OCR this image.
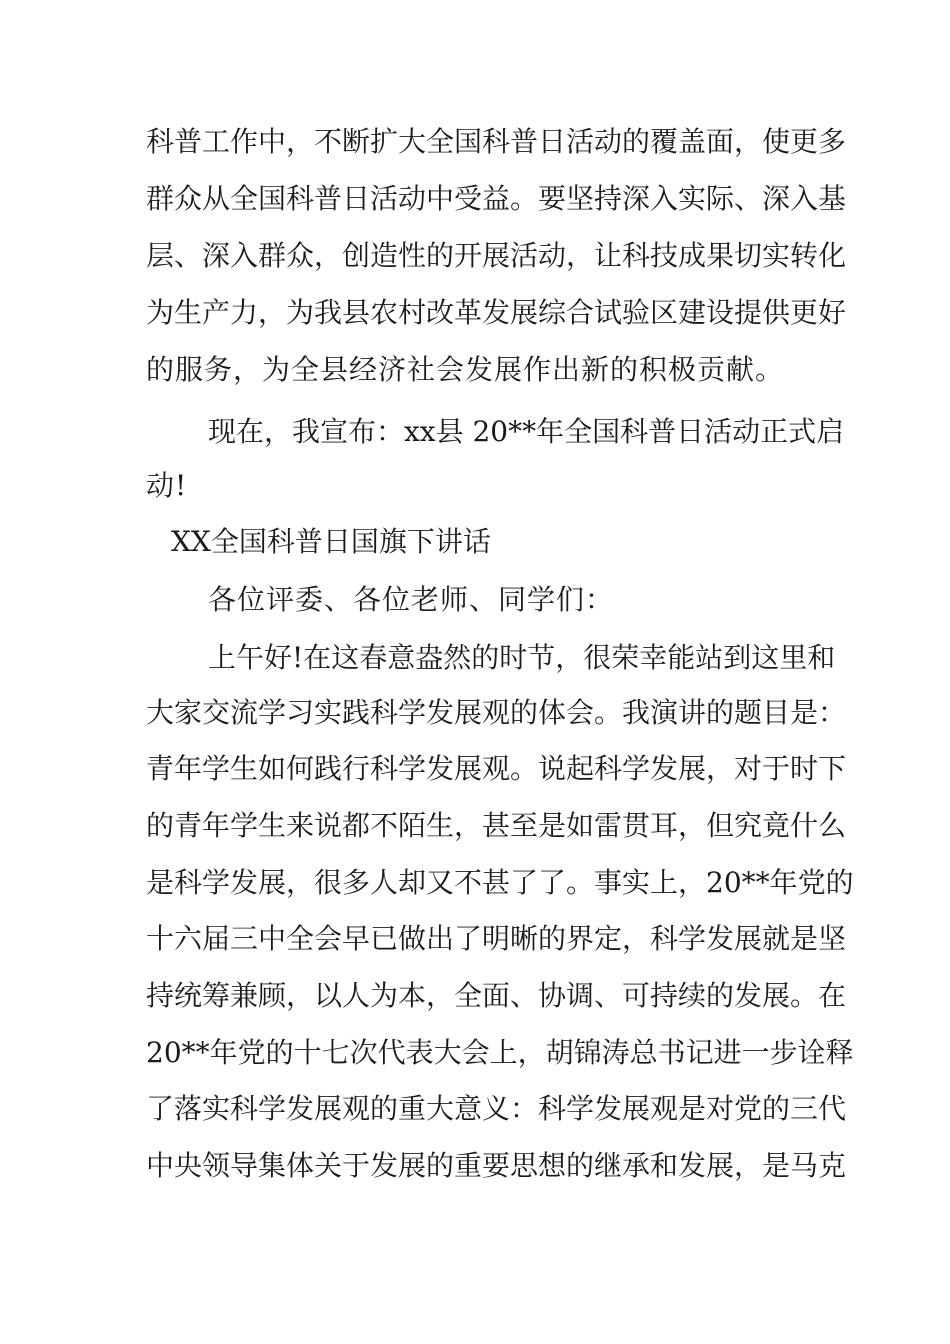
科普工作中，不断扩大全国科普日活动的覆盖面，使更多
群众从全国科普日活动中受益。要坚持深入实际、深入基
层、深入群众，创造性的开展活动，让科技成果切实转化
为生产力，为我县农村改革发展综合试验区建设提供更好
的服务，为全县经济社会发展作出新的积极贡献。
现在，我宣布：xx县 20**年全国科普日活动正式启
动!
XX全国科普日国旗下讲话
各位评委、各位老师、同学们：
上午好!在这春意盎然的时节，很荣幸能站到这里和
大家交流学习实践科学发展观的体会。我演讲的题目是：
青年学生如何践行科学发展观。说起科学发展，对于时下
的青年学生来说都不陌生，甚至是如雷贯耳，但究竟什么
是科学发展，很多人却又不甚了了。事实上，20**年党的
十六届三中全会早已做出了明晰的界定，科学发展就是坚
持统筹兼顾，以人为本，全面、协调、可持续的发展。在
20**年党的十七次代表大会上，胡锦涛总书记进一步诠释
了落实科学发展观的重大意义：科学发展观是对党的三代
中央领导集体关于发展的重要思想的继承和发展，是马克
